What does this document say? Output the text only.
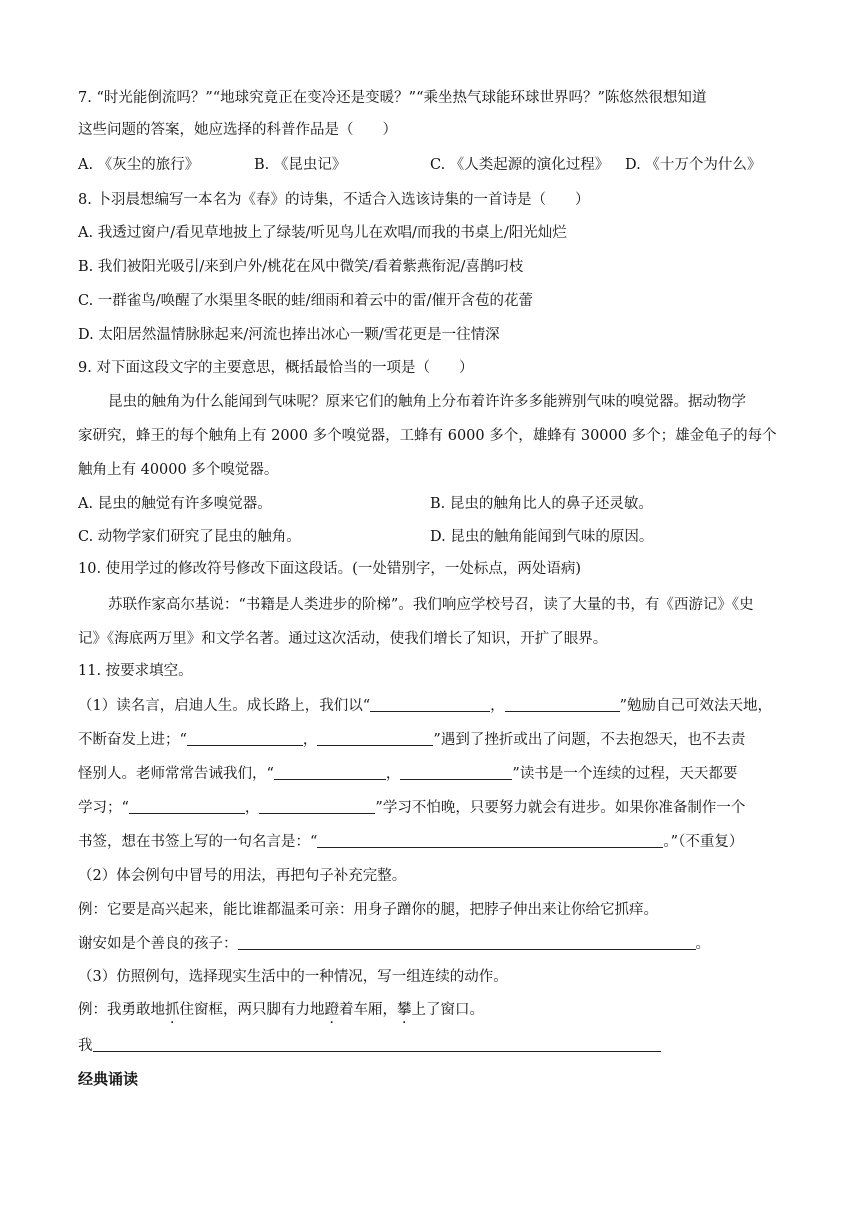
7. “时光能倒流吗？”“地球究竟正在变冷还是变暖？”“乘坐热气球能环球世界吗？”陈悠然很想知道
这些问题的答案，她应选择的科普作品是（　　）
A. 《灰尘的旅行》	B. 《昆虫记》	C. 《人类起源的演化过程》 D. 《十万个为什么》
8. 卜羽晨想编写一本名为《春》的诗集，不适合入选该诗集的一首诗是（　　）
A. 我透过窗户/看见草地披上了绿装/听见鸟儿在欢唱/而我的书桌上/阳光灿烂
B. 我们被阳光吸引/来到户外/桃花在风中微笑/看着紫燕衔泥/喜鹊叼枝
C. 一群雀鸟/唤醒了水渠里冬眠的蛙/细雨和着云中的雷/催开含苞的花蕾
D. 太阳居然温情脉脉起来/河流也捧出冰心一颗/雪花更是一往情深
9. 对下面这段文字的主要意思，概括最恰当的一项是（　　）
昆虫的触角为什么能闻到气味呢？原来它们的触角上分布着许许多多能辨别气味的嗅觉器。据动物学
家研究，蜂王的每个触角上有 2000 多个嗅觉器，工蜂有 6000 多个，雄蜂有 30000 多个；雄金龟子的每个
触角上有 40000 多个嗅觉器。
A. 昆虫的触觉有许多嗅觉器。	B. 昆虫的触角比人的鼻子还灵敏。
C. 动物学家们研究了昆虫的触角。	D. 昆虫的触角能闻到气味的原因。
10. 使用学过的修改符号修改下面这段话。(一处错别字，一处标点，两处语病)
苏联作家高尔基说：“书籍是人类进步的阶梯”。我们响应学校号召，读了大量的书，有《西游记》《史
记》《海底两万里》和文学名著。通过这次活动，使我们增长了知识，开扩了眼界。
11. 按要求填空。
（1）读名言，启迪人生。成长路上，我们以“	，	”勉励自己可效法天地，
不断奋发上进；“	，	”遇到了挫折或出了问题，不去抱怨天，也不去责
怪别人。老师常常告诫我们，“	，	”读书是一个连续的过程，天天都要
学习；“	，	”学习不怕晚，只要努力就会有进步。如果你准备制作一个
书签，想在书签上写的一句名言是：“	。”（不重复）
（2）体会例句中冒号的用法，再把句子补充完整。
例：它要是高兴起来，能比谁都温柔可亲：用身子蹭你的腿，把脖子伸出来让你给它抓痒。
谢安如是个善良的孩子：	。
（3）仿照例句，选择现实生活中的一种情况，写一组连续的动作。
例：我勇敢地抓住窗框，两只脚有力地蹬着车厢，攀上了窗口。
我
经典诵读
